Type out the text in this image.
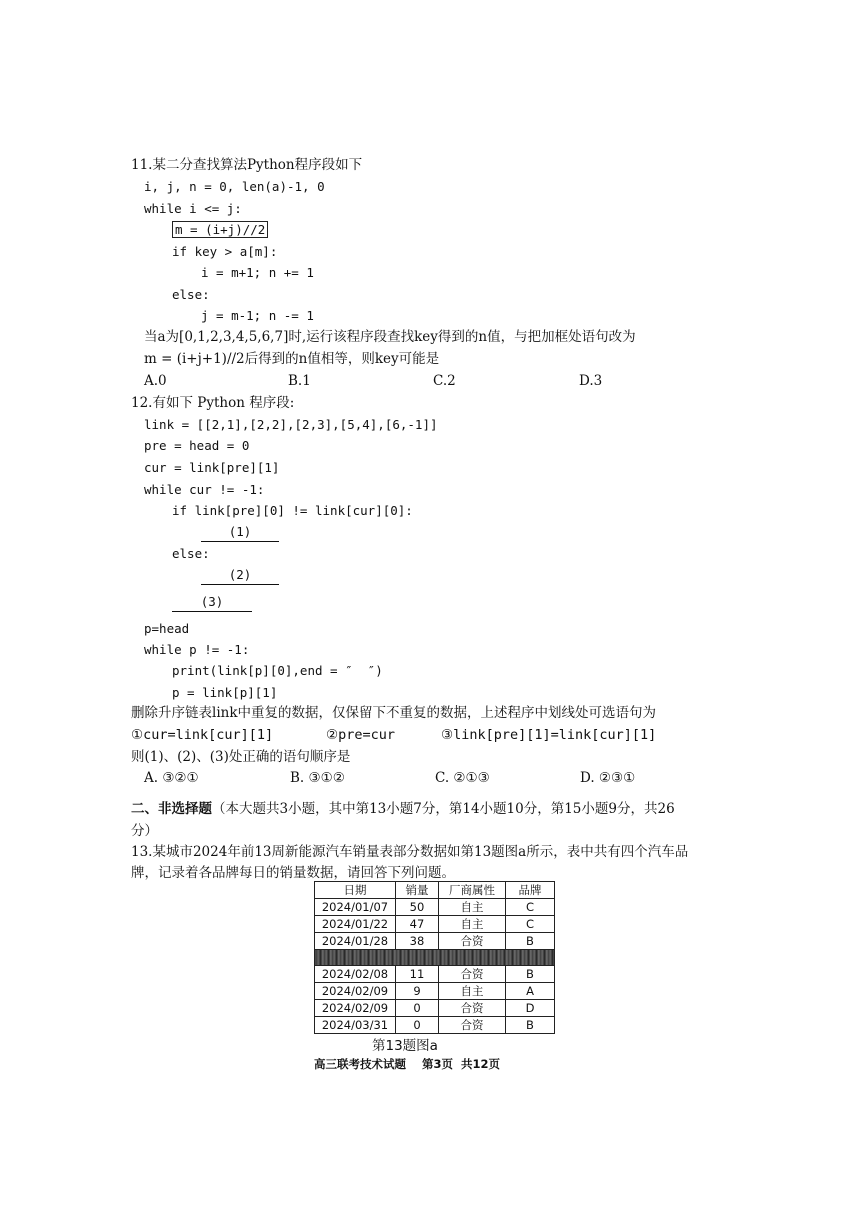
11.某二分查找算法Python程序段如下
i, j, n = 0, len(a)-1, 0
while i <= j:
m = (i+j)//2
if key > a[m]:
i = m+1; n += 1
else:
j = m-1; n -= 1
当a为[0,1,2,3,4,5,6,7]时,运行该程序段查找key得到的n值，与把加框处语句改为
m = (i+j+1)//2后得到的n值相等，则key可能是
A.0	B.1	C.2	D.3
12.有如下 Python 程序段:
link = [[2,1],[2,2],[2,3],[5,4],[6,-1]]
pre = head = 0
cur = link[pre][1]
while cur != -1:
if link[pre][0] != link[cur][0]:
(1)
else:
(2)
(3)
p=head
while p != -1:
print(link[p][0],end = ″  ″)
p = link[p][1]
删除升序链表link中重复的数据，仅保留下不重复的数据，上述程序中划线处可选语句为
①cur=link[cur][1]	②pre=cur	③link[pre][1]=link[cur][1]
则(1)、(2)、(3)处正确的语句顺序是
A. ③②①	B. ③①②	C. ②①③	D. ②③①
二、非选择题（本大题共3小题，其中第13小题7分，第14小题10分，第15小题9分，共26
分）
13.某城市2024年前13周新能源汽车销量表部分数据如第13题图a所示，表中共有四个汽车品
牌，记录着各品牌每日的销量数据，请回答下列问题。
日期	销量	厂商属性	品牌
2024/01/07	50	自主	C
2024/01/22	47	自主	C
2024/01/28	38	合资	B

2024/02/08	11	合资	B
2024/02/09	9	自主	A
2024/02/09	0	合资	D
2024/03/31	0	合资	B
第13题图a
高三联考技术试题    第3页  共12页
